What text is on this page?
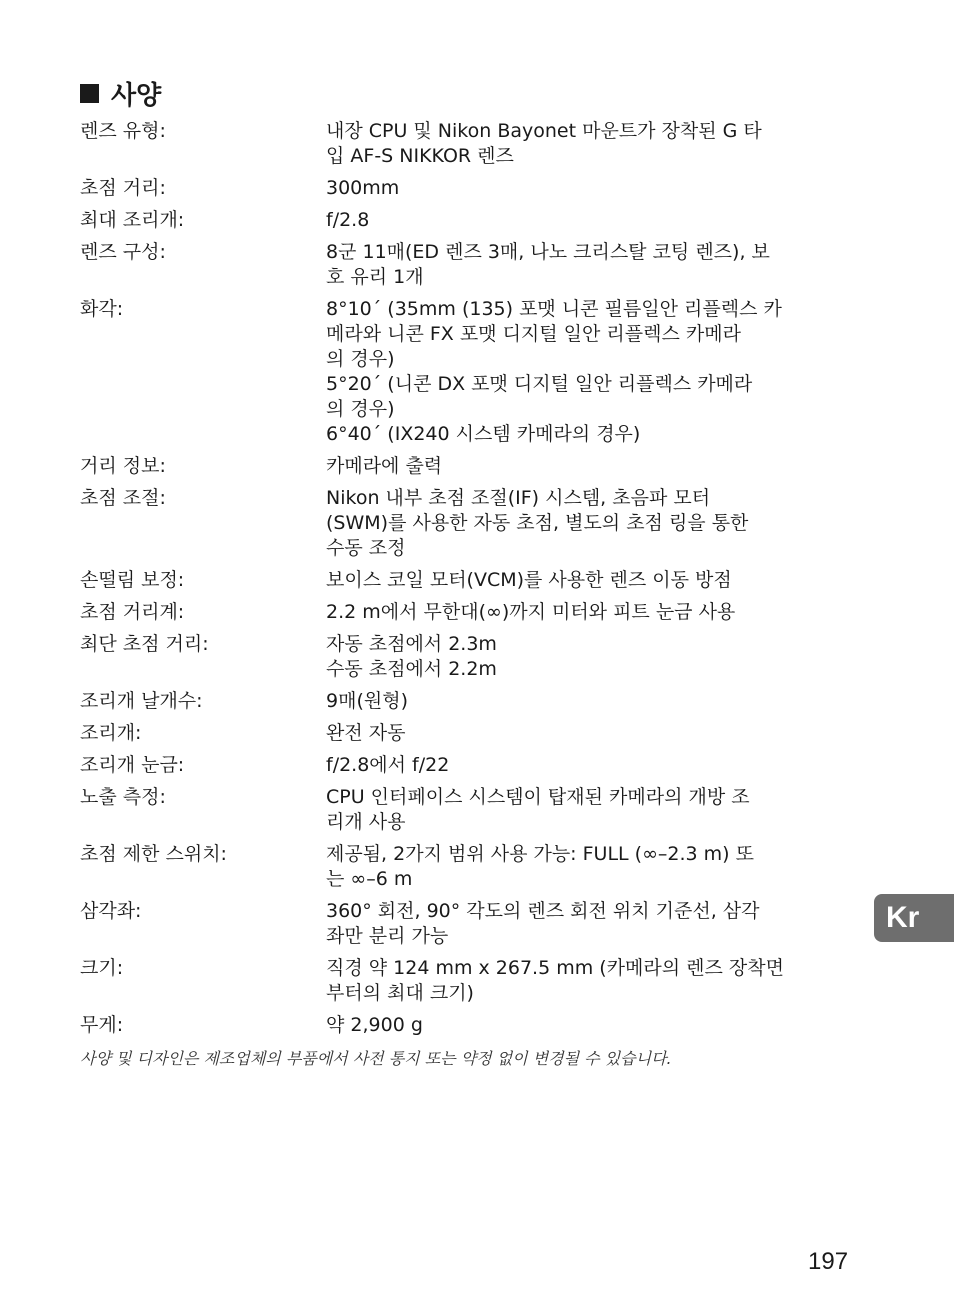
사양
렌즈 유형:	내장 CPU 및 Nikon Bayonet 마운트가 장착된 G 타
입 AF-S NIKKOR 렌즈
초점 거리:	300mm
최대 조리개:	f/2.8
렌즈 구성:	8군 11매(ED 렌즈 3매, 나노 크리스탈 코팅 렌즈), 보
호 유리 1개
화각:	8°10´ (35mm (135) 포맷 니콘 필름일안 리플렉스 카
메라와 니콘 FX 포맷 디지털 일안 리플렉스 카메라
의 경우)
5°20´ (니콘 DX 포맷 디지털 일안 리플렉스 카메라
의 경우)
6°40´ (IX240 시스템 카메라의 경우)
거리 정보:	카메라에 출력
초점 조절:	Nikon 내부 초점 조절(IF) 시스템, 초음파 모터
(SWM)를 사용한 자동 초점, 별도의 초점 링을 통한
수동 조정
손떨림 보정:	보이스 코일 모터(VCM)를 사용한 렌즈 이동 방점
초점 거리계:	2.2 m에서 무한대(∞)까지 미터와 피트 눈금 사용
최단 초점 거리:	자동 초점에서 2.3m
수동 초점에서 2.2m
조리개 날개수:	9매(원형)
조리개:	완전 자동
조리개 눈금:	f/2.8에서 f/22
노출 측정:	CPU 인터페이스 시스템이 탑재된 카메라의 개방 조
리개 사용
초점 제한 스위치:	제공됨, 2가지 범위 사용 가능: FULL (∞–2.3 m) 또
는 ∞–6 m
삼각좌:	360° 회전, 90° 각도의 렌즈 회전 위치 기준선, 삼각
좌만 분리 가능
크기:	직경 약 124 mm x 267.5 mm (카메라의 렌즈 장착면
부터의 최대 크기)
무게:	약 2,900 g
사양 및 디자인은 제조업체의 부품에서 사전 통지 또는 약정 없이 변경될 수 있습니다.
Kr
197
